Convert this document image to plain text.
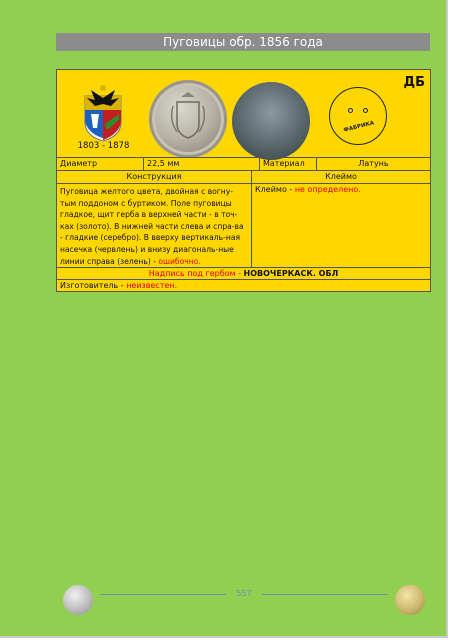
Пуговицы обр. 1856 года
1803 - 1878
ДБ
ФАБРИКА
Диаметр	22,5 мм	Материал	Латунь
Конструкция	Клеймо
Пуговица желтого цвета, двойная с вогну-тым поддоном с буртиком. Поле пуговицы гладкое, щит герба в верхней части - в точ-ках (золото). В нижней части слева и спра-ва - гладкие (серебро). В вверху вертикаль-ная насечка (червлень) и внизу диагональ-ные линии справа (зелень) - ошибочно.
Клеймо - не определено.
Надпись под гербом - НОВОЧЕРКАСК. ОБЛ
Изготовитель - неизвестен.
557
